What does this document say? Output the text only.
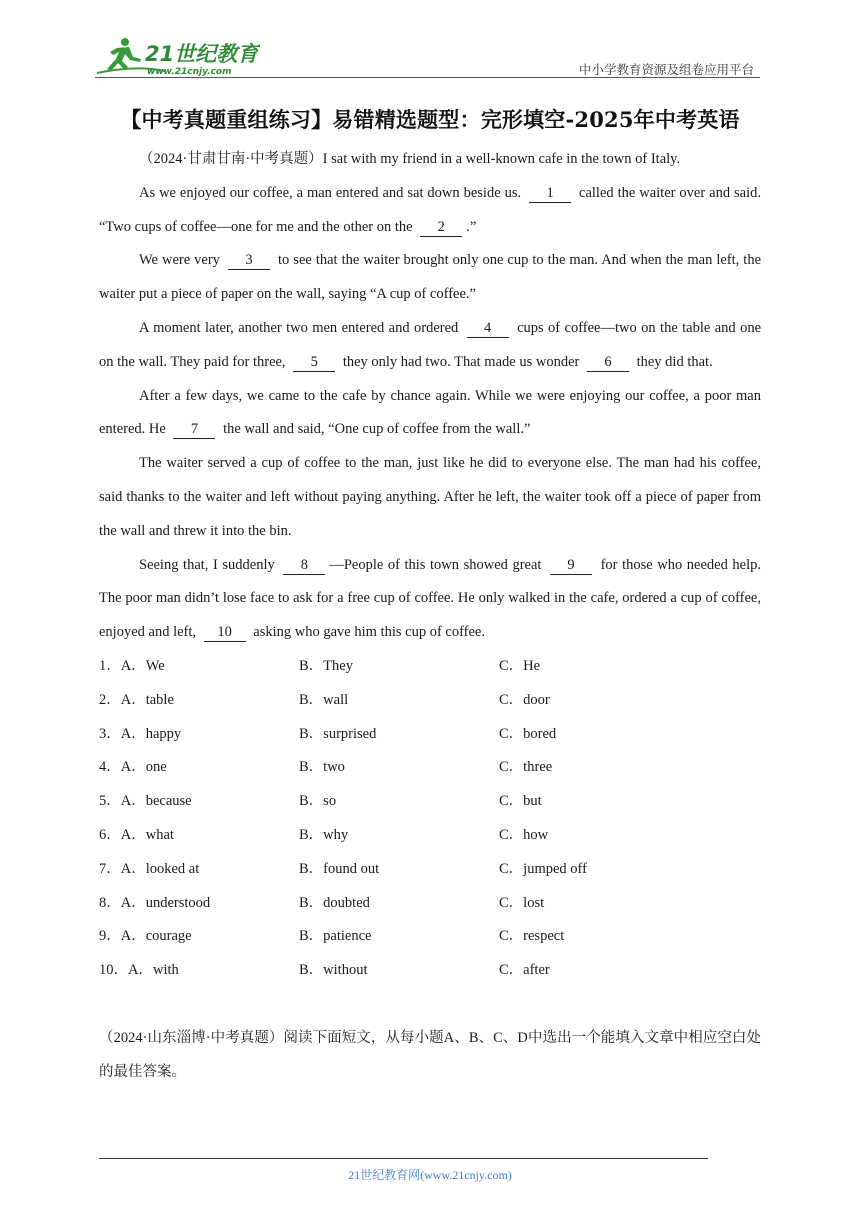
21世纪教育
www.21cnjy.com	中小学教育资源及组卷应用平台
【中考真题重组练习】易错精选题型：完形填空-2025年中考英语

（2024·甘肃甘南·中考真题）I sat with my friend in a well-known cafe in the town of Italy.

As we enjoyed our coffee, a man entered and sat down beside us. 1 called the waiter over and said. “Two cups of coffee—one for me and the other on the 2 .”

We were very 3 to see that the waiter brought only one cup to the man. And when the man left, the waiter put a piece of paper on the wall, saying “A cup of coffee.”

A moment later, another two men entered and ordered 4 cups of coffee—two on the table and one on the wall. They paid for three, 5 they only had two. That made us wonder 6 they did that.

After a few days, we came to the cafe by chance again. While we were enjoying our coffee, a poor man entered. He 7 the wall and said, “One cup of coffee from the wall.”

The waiter served a cup of coffee to the man, just like he did to everyone else. The man had his coffee, said thanks to the waiter and left without paying anything. After he left, the waiter took off a piece of paper from the wall and threw it into the bin.

Seeing that, I suddenly 8 —People of this town showed great 9 for those who needed help. The poor man didn’t lose face to ask for a free cup of coffee. He only walked in the cafe, ordered a cup of coffee, enjoyed and left, 10 asking who gave him this cup of coffee.

1．A．We	B．They	C．He
2．A．table	B．wall	C．door
3．A．happy	B．surprised	C．bored
4．A．one	B．two	C．three
5．A．because	B．so	C．but
6．A．what	B．why	C．how
7．A．looked at	B．found out	C．jumped off
8．A．understood	B．doubted	C．lost
9．A．courage	B．patience	C．respect
10．A．with	B．without	C．after

（2024·山东淄博·中考真题）阅读下面短文，从每小题A、B、C、D中选出一个能填入文章中相应空白处的最佳答案。

21世纪教育网(www.21cnjy.com)
